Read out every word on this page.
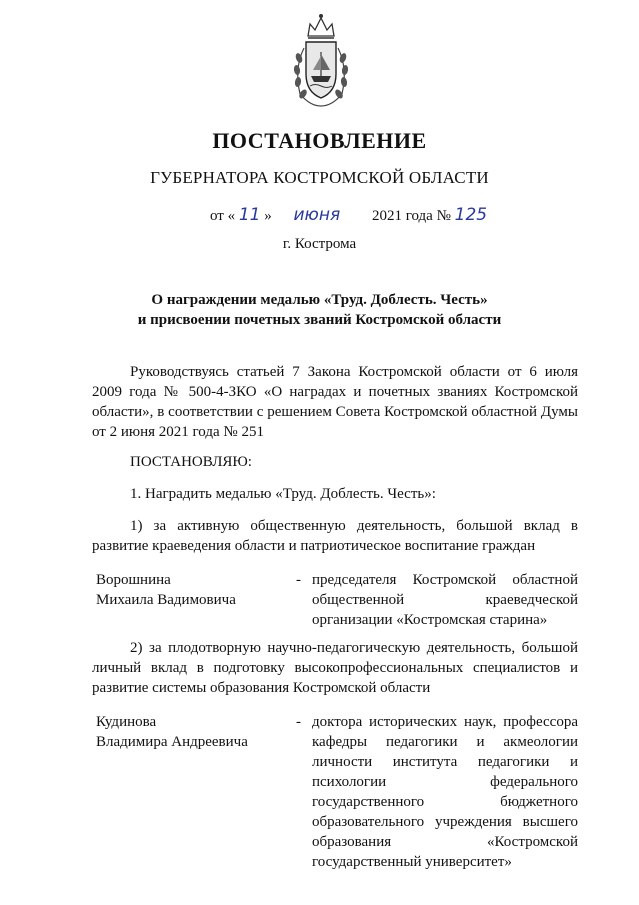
ПОСТАНОВЛЕНИЕ
ГУБЕРНАТОРА КОСТРОМСКОЙ ОБЛАСТИ
от « 11 » июня 2021 года № 125
г. Кострома
О награждении медалью «Труд. Доблесть. Честь»
и присвоении почетных званий Костромской области
Руководствуясь статьей 7 Закона Костромской области от 6 июля 2009 года № 500-4-ЗКО «О наградах и почетных званиях Костромской области», в соответствии с решением Совета Костромской областной Думы от 2 июня 2021 года № 251
ПОСТАНОВЛЯЮ:
1. Наградить медалью «Труд. Доблесть. Честь»:
1) за активную общественную деятельность, большой вклад в развитие краеведения области и патриотическое воспитание граждан
Ворошнина
Михаила Вадимовича
- председателя Костромской областной общественной краеведческой организации «Костромская старина»
2) за плодотворную научно-педагогическую деятельность, большой личный вклад в подготовку высокопрофессиональных специалистов и развитие системы образования Костромской области
Кудинова
Владимира Андреевича
- доктора исторических наук, профессора кафедры педагогики и акмеологии личности института педагогики и психологии федерального государственного бюджетного образовательного учреждения высшего образования «Костромской государственный университет»
